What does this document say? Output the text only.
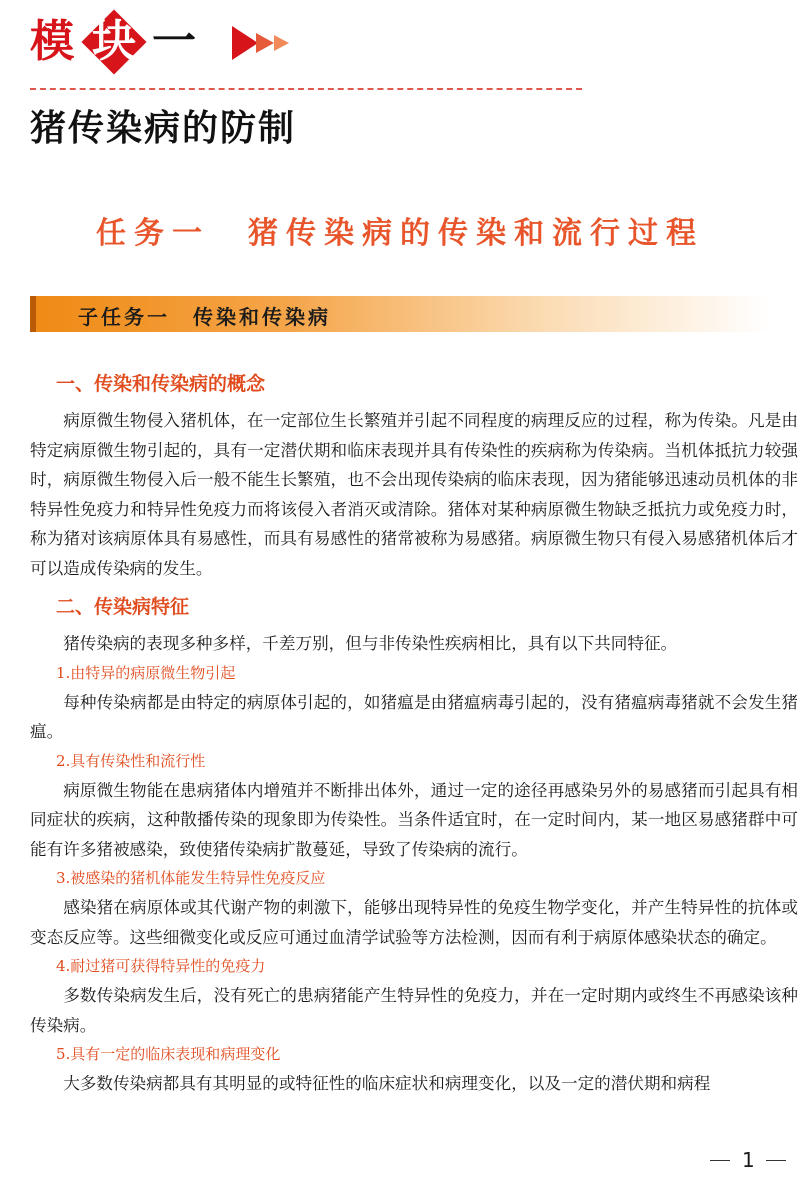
模 块 一
猪传染病的防制
任务一　猪传染病的传染和流行过程
子任务一　传染和传染病
一、传染和传染病的概念

病原微生物侵入猪机体，在一定部位生长繁殖并引起不同程度的病理反应的过程，称为传染。凡是由特定病原微生物引起的，具有一定潜伏期和临床表现并具有传染性的疾病称为传染病。当机体抵抗力较强时，病原微生物侵入后一般不能生长繁殖，也不会出现传染病的临床表现，因为猪能够迅速动员机体的非特异性免疫力和特异性免疫力而将该侵入者消灭或清除。猪体对某种病原微生物缺乏抵抗力或免疫力时，称为猪对该病原体具有易感性，而具有易感性的猪常被称为易感猪。病原微生物只有侵入易感猪机体后才可以造成传染病的发生。

二、传染病特征

猪传染病的表现多种多样，千差万别，但与非传染性疾病相比，具有以下共同特征。

1.由特异的病原微生物引起

每种传染病都是由特定的病原体引起的，如猪瘟是由猪瘟病毒引起的，没有猪瘟病毒猪就不会发生猪瘟。

2.具有传染性和流行性

病原微生物能在患病猪体内增殖并不断排出体外，通过一定的途径再感染另外的易感猪而引起具有相同症状的疾病，这种散播传染的现象即为传染性。当条件适宜时，在一定时间内，某一地区易感猪群中可能有许多猪被感染，致使猪传染病扩散蔓延，导致了传染病的流行。

3.被感染的猪机体能发生特异性免疫反应

感染猪在病原体或其代谢产物的刺激下，能够出现特异性的免疫生物学变化，并产生特异性的抗体或变态反应等。这些细微变化或反应可通过血清学试验等方法检测，因而有利于病原体感染状态的确定。

4.耐过猪可获得特异性的免疫力

多数传染病发生后，没有死亡的患病猪能产生特异性的免疫力，并在一定时期内或终生不再感染该种传染病。

5.具有一定的临床表现和病理变化

大多数传染病都具有其明显的或特征性的临床症状和病理变化，以及一定的潜伏期和病程

1
